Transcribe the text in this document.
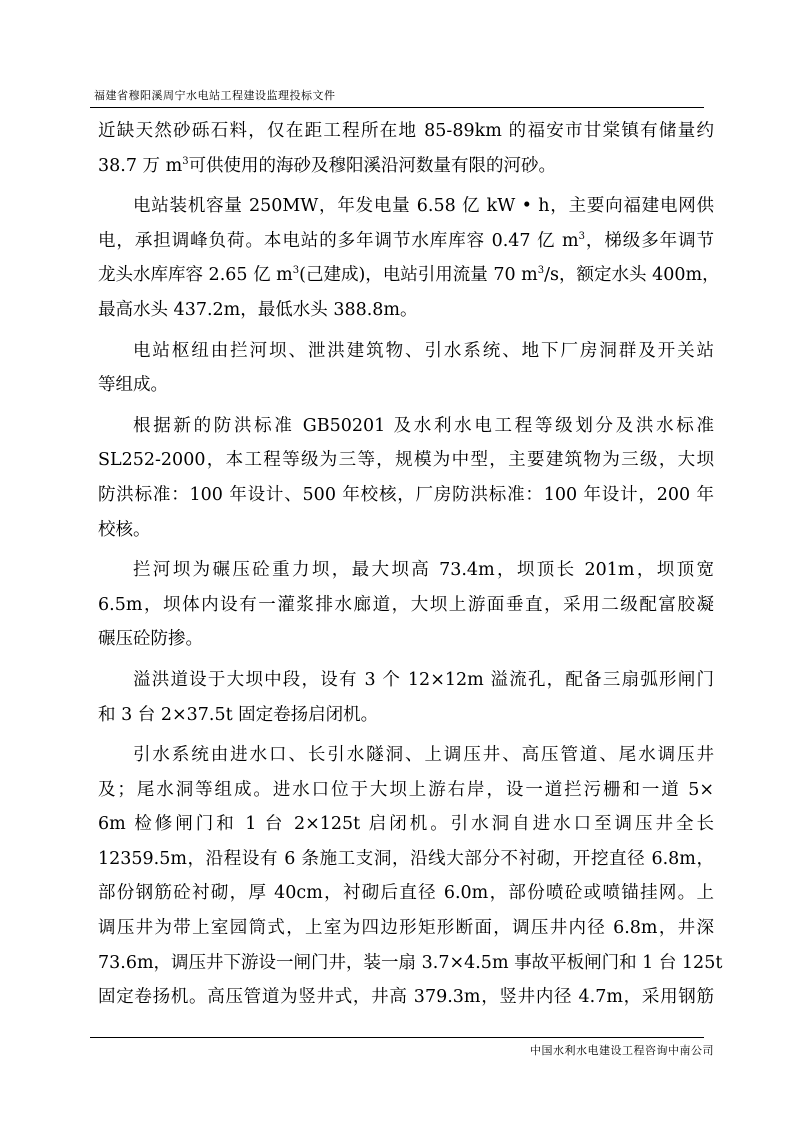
福建省穆阳溪周宁水电站工程建设监理投标文件
近缺天然砂砾石料，仅在距工程所在地 85-89km 的福安市甘棠镇有储量约
38.7 万 $m^3$可供使用的海砂及穆阳溪沿河数量有限的河砂。
电站装机容量 250MW，年发电量 6.58 亿 kW • h，主要向福建电网供
电，承担调峰负荷。本电站的多年调节水库库容 0.47 亿 $m^3$，梯级多年调节
龙头水库库容 2.65 亿 $m^3$(己建成)，电站引用流量 70 $m^3/s$，额定水头 400m，
最高水头 437.2m，最低水头 388.8m。
电站枢纽由拦河坝、泄洪建筑物、引水系统、地下厂房洞群及开关站
等组成。
根据新的防洪标准 GB50201 及水利水电工程等级划分及洪水标准
SL252-2000，本工程等级为三等，规模为中型，主要建筑物为三级，大坝
防洪标准：100 年设计、500 年校核，厂房防洪标准：100 年设计，200 年
校核。
拦河坝为碾压砼重力坝，最大坝高 73.4m，坝顶长 201m，坝顶宽
6.5m，坝体内设有一灌浆排水廊道，大坝上游面垂直，采用二级配富胶凝
碾压砼防掺。
溢洪道设于大坝中段，设有 3 个 12×12m 溢流孔，配备三扇弧形闸门
和 3 台 2×37.5t 固定卷扬启闭机。
引水系统由进水口、长引水隧洞、上调压井、高压管道、尾水调压井
及；尾水洞等组成。进水口位于大坝上游右岸，设一道拦污栅和一道 5×
6m 检修闸门和 1 台 2×125t 启闭机。引水洞自进水口至调压井全长
12359.5m，沿程设有 6 条施工支洞，沿线大部分不衬砌，开挖直径 6.8m，
部份钢筋砼衬砌，厚 40cm，衬砌后直径 6.0m，部份喷砼或喷锚挂网。上
调压井为带上室园筒式，上室为四边形矩形断面，调压井内径 6.8m，井深
73.6m，调压井下游设一闸门井，装一扇 3.7×4.5m 事故平板闸门和 1 台 125t
固定卷扬机。高压管道为竖井式，井高 379.3m，竖井内径 4.7m，采用钢筋
中国水利水电建设工程咨询中南公司
